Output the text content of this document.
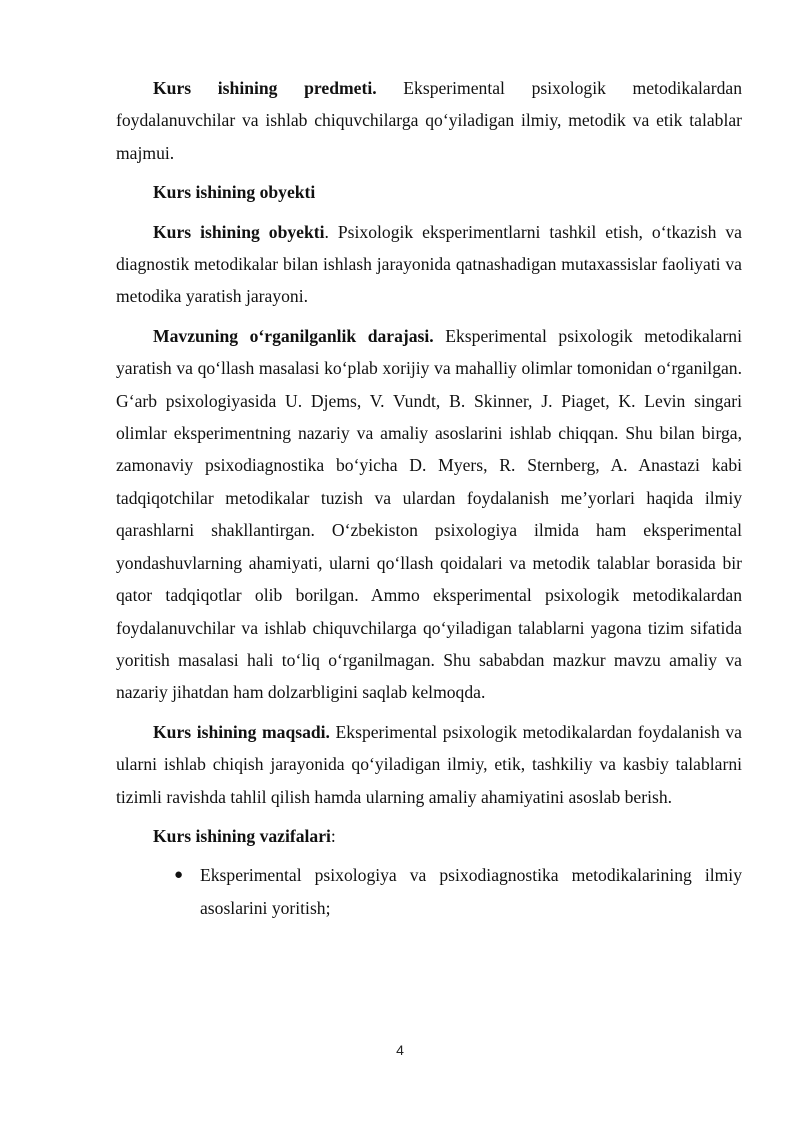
Kurs ishining predmeti. Eksperimental psixologik metodikalardan foydalanuvchilar va ishlab chiquvchilarga qo‘yiladigan ilmiy, metodik va etik talablar majmui.

Kurs ishining obyekti

Kurs ishining obyekti. Psixologik eksperimentlarni tashkil etish, o‘tkazish va diagnostik metodikalar bilan ishlash jarayonida qatnashadigan mutaxassislar faoliyati va metodika yaratish jarayoni.

Mavzuning o‘rganilganlik darajasi. Eksperimental psixologik metodikalarni yaratish va qo‘llash masalasi ko‘plab xorijiy va mahalliy olimlar tomonidan o‘rganilgan. G‘arb psixologiyasida U. Djems, V. Vundt, B. Skinner, J. Piaget, K. Levin singari olimlar eksperimentning nazariy va amaliy asoslarini ishlab chiqqan. Shu bilan birga, zamonaviy psixodiagnostika bo‘yicha D. Myers, R. Sternberg, A. Anastazi kabi tadqiqotchilar metodikalar tuzish va ulardan foydalanish me’yorlari haqida ilmiy qarashlarni shakllantirgan. O‘zbekiston psixologiya ilmida ham eksperimental yondashuvlarning ahamiyati, ularni qo‘llash qoidalari va metodik talablar borasida bir qator tadqiqotlar olib borilgan. Ammo eksperimental psixologik metodikalardan foydalanuvchilar va ishlab chiquvchilarga qo‘yiladigan talablarni yagona tizim sifatida yoritish masalasi hali to‘liq o‘rganilmagan. Shu sababdan mazkur mavzu amaliy va nazariy jihatdan ham dolzarbligini saqlab kelmoqda.

Kurs ishining maqsadi. Eksperimental psixologik metodikalardan foydalanish va ularni ishlab chiqish jarayonida qo‘yiladigan ilmiy, etik, tashkiliy va kasbiy talablarni tizimli ravishda tahlil qilish hamda ularning amaliy ahamiyatini asoslab berish.

Kurs ishining vazifalari:

● Eksperimental psixologiya va psixodiagnostika metodikalarining ilmiy asoslarini yoritish;
4
